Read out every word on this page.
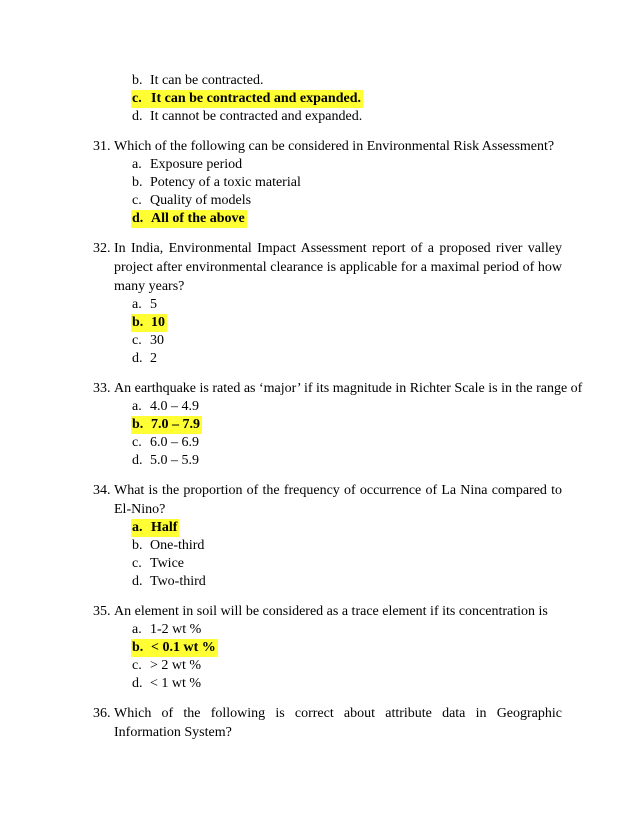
b. It can be contracted.
c. It can be contracted and expanded.
d. It cannot be contracted and expanded.
31. Which of the following can be considered in Environmental Risk Assessment?
a. Exposure period
b. Potency of a toxic material
c. Quality of models
d. All of the above
32. In India, Environmental Impact Assessment report of a proposed river valley project after environmental clearance is applicable for a maximal period of how many years?
a. 5
b. 10
c. 30
d. 2
33. An earthquake is rated as ‘major’ if its magnitude in Richter Scale is in the range of
a. 4.0 – 4.9
b. 7.0 – 7.9
c. 6.0 – 6.9
d. 5.0 – 5.9
34. What is the proportion of the frequency of occurrence of La Nina compared to El-Nino?
a. Half
b. One-third
c. Twice
d. Two-third
35. An element in soil will be considered as a trace element if its concentration is
a. 1-2 wt %
b. < 0.1 wt %
c. > 2 wt %
d. < 1 wt %
36. Which of the following is correct about attribute data in Geographic Information System?
